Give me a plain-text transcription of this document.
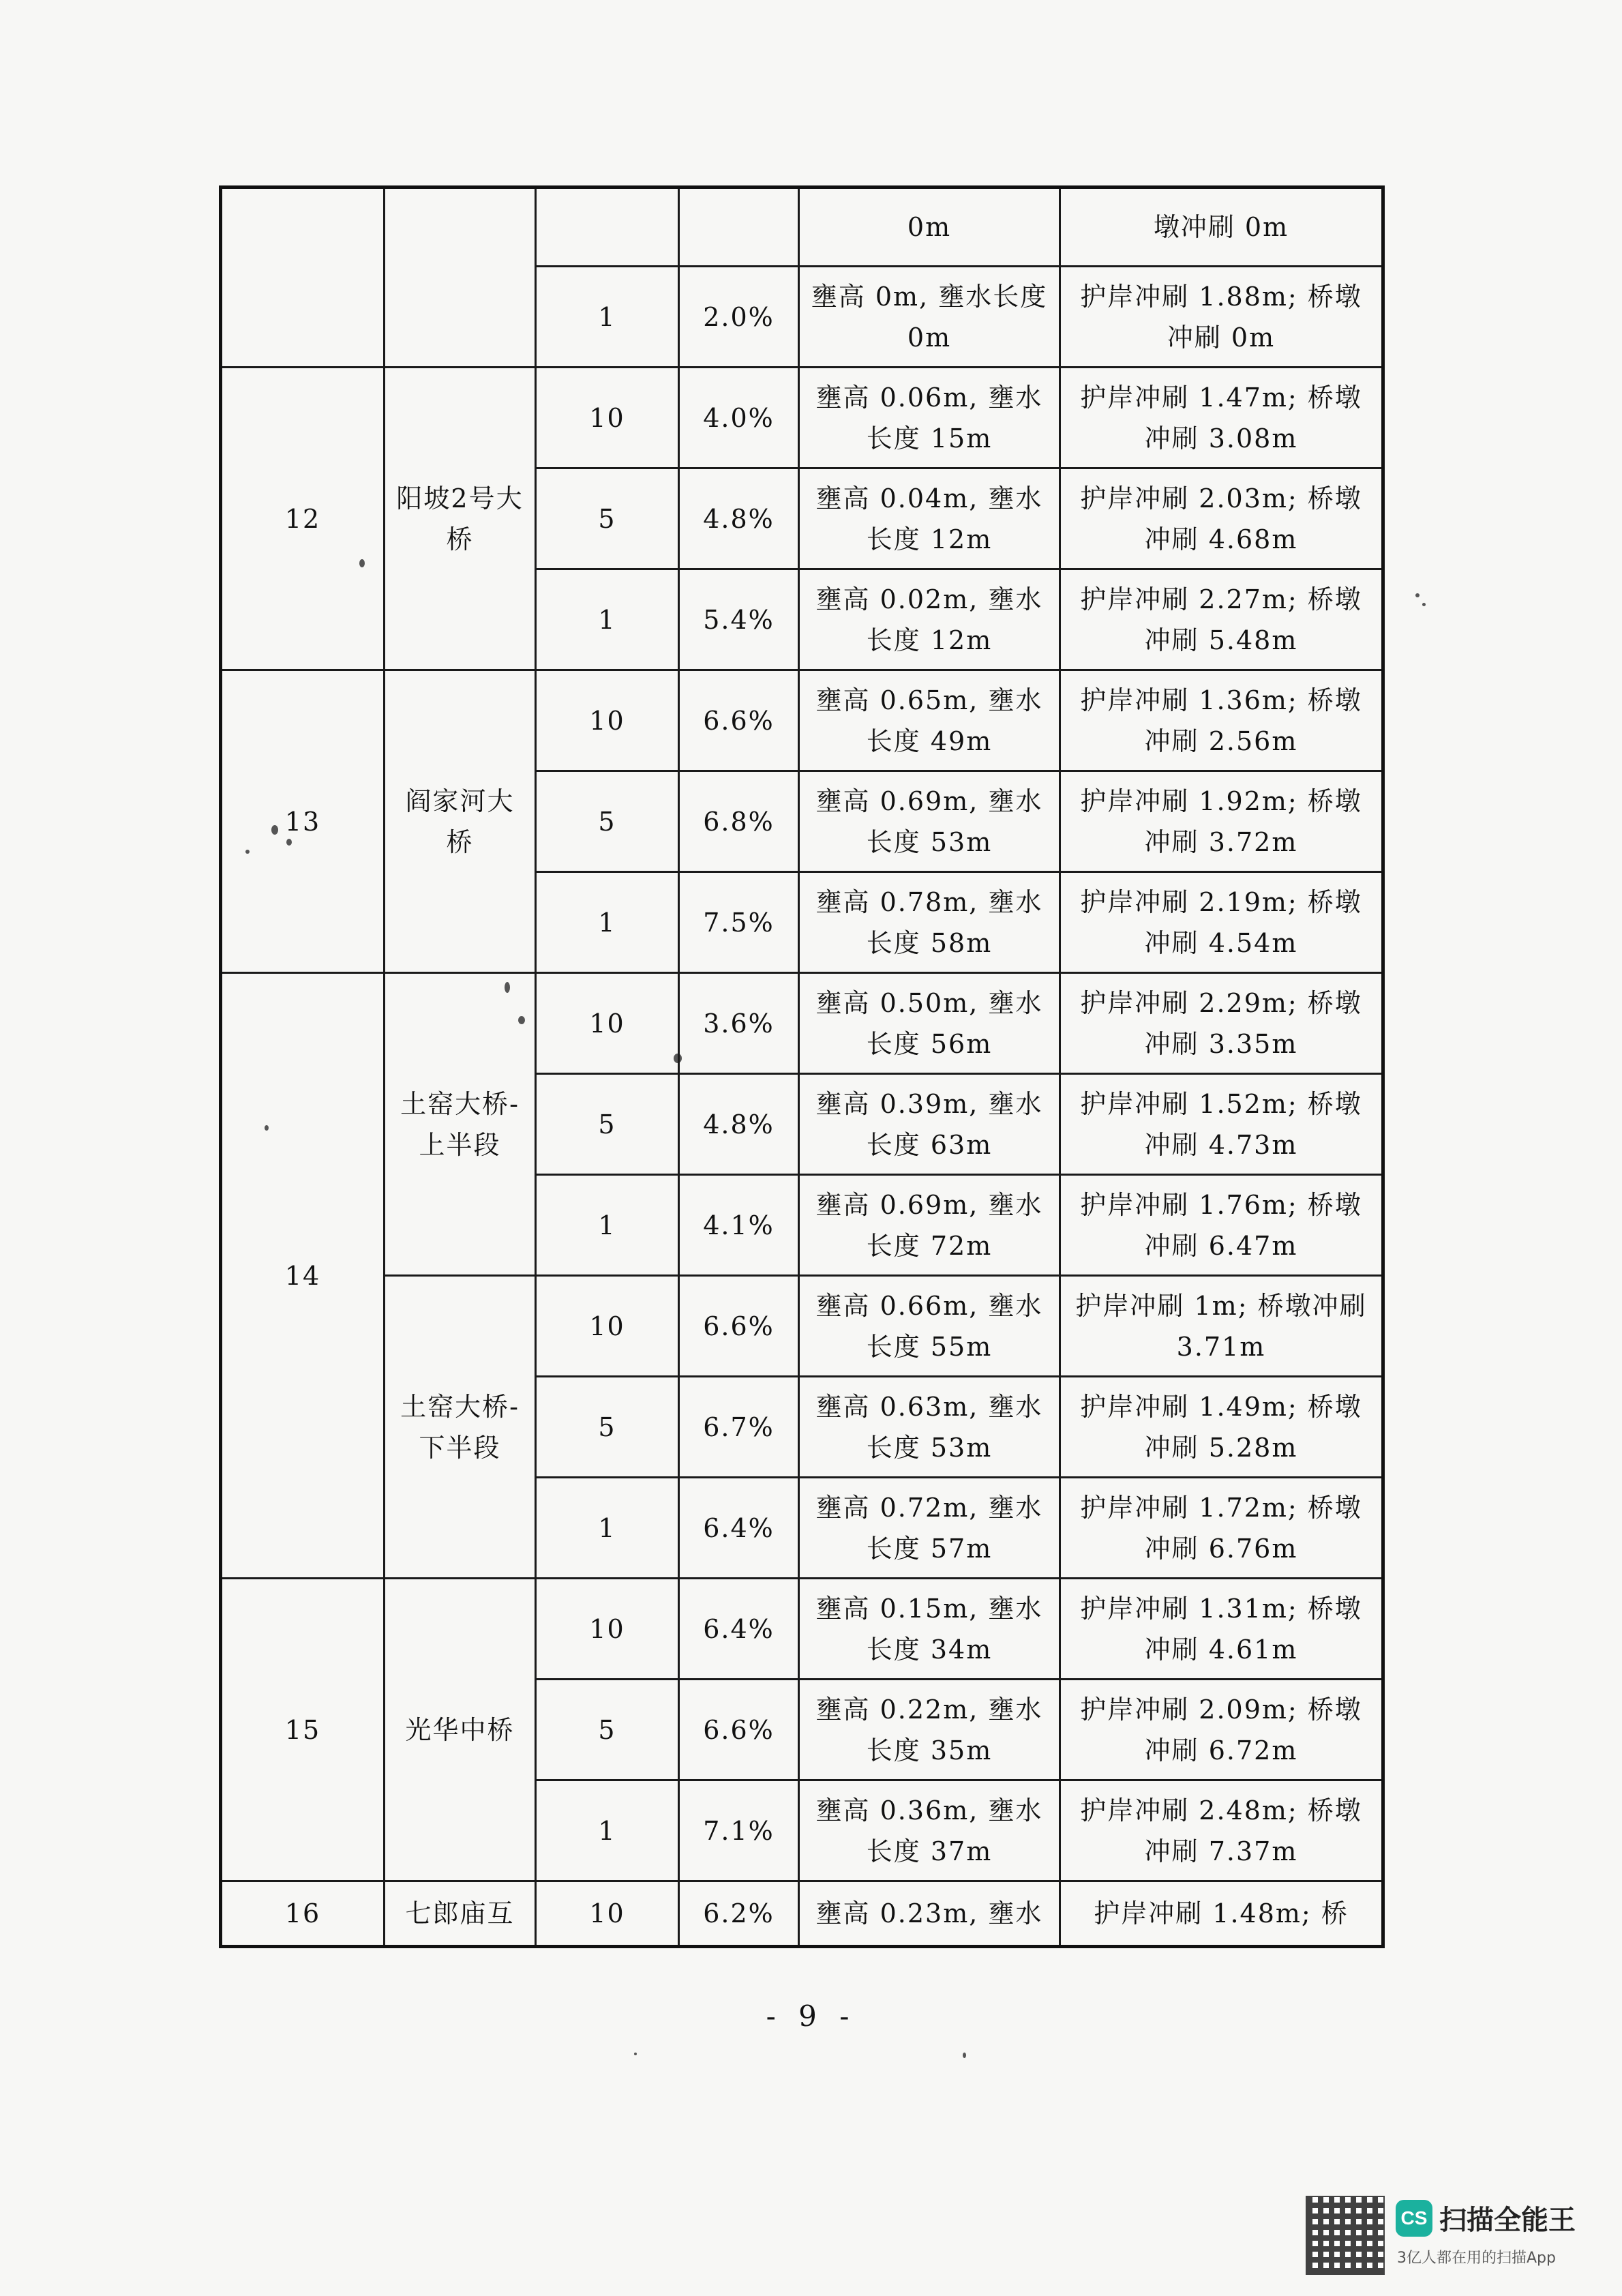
				0m	墩冲刷 0m
		1	2.0%	壅高 0m, 壅水长度 0m	护岸冲刷 1.88m; 桥墩冲刷 0m
12	阳坡2号大桥	10	4.0%	壅高 0.06m, 壅水长度 15m	护岸冲刷 1.47m; 桥墩冲刷 3.08m
		5	4.8%	壅高 0.04m, 壅水长度 12m	护岸冲刷 2.03m; 桥墩冲刷 4.68m
		1	5.4%	壅高 0.02m, 壅水长度 12m	护岸冲刷 2.27m; 桥墩冲刷 5.48m
13	阎家河大桥	10	6.6%	壅高 0.65m, 壅水长度 49m	护岸冲刷 1.36m; 桥墩冲刷 2.56m
		5	6.8%	壅高 0.69m, 壅水长度 53m	护岸冲刷 1.92m; 桥墩冲刷 3.72m
		1	7.5%	壅高 0.78m, 壅水长度 58m	护岸冲刷 2.19m; 桥墩冲刷 4.54m
14	土窑大桥-上半段	10	3.6%	壅高 0.50m, 壅水长度 56m	护岸冲刷 2.29m; 桥墩冲刷 3.35m
		5	4.8%	壅高 0.39m, 壅水长度 63m	护岸冲刷 1.52m; 桥墩冲刷 4.73m
		1	4.1%	壅高 0.69m, 壅水长度 72m	护岸冲刷 1.76m; 桥墩冲刷 6.47m
	土窑大桥-下半段	10	6.6%	壅高 0.66m, 壅水长度 55m	护岸冲刷 1m; 桥墩冲刷 3.71m
		5	6.7%	壅高 0.63m, 壅水长度 53m	护岸冲刷 1.49m; 桥墩冲刷 5.28m
		1	6.4%	壅高 0.72m, 壅水长度 57m	护岸冲刷 1.72m; 桥墩冲刷 6.76m
15	光华中桥	10	6.4%	壅高 0.15m, 壅水长度 34m	护岸冲刷 1.31m; 桥墩冲刷 4.61m
		5	6.6%	壅高 0.22m, 壅水长度 35m	护岸冲刷 2.09m; 桥墩冲刷 6.72m
		1	7.1%	壅高 0.36m, 壅水长度 37m	护岸冲刷 2.48m; 桥墩冲刷 7.37m
16	七郎庙互	10	6.2%	壅高 0.23m, 壅水	护岸冲刷 1.48m; 桥
- 9 -
CS 扫描全能王
3亿人都在用的扫描App
